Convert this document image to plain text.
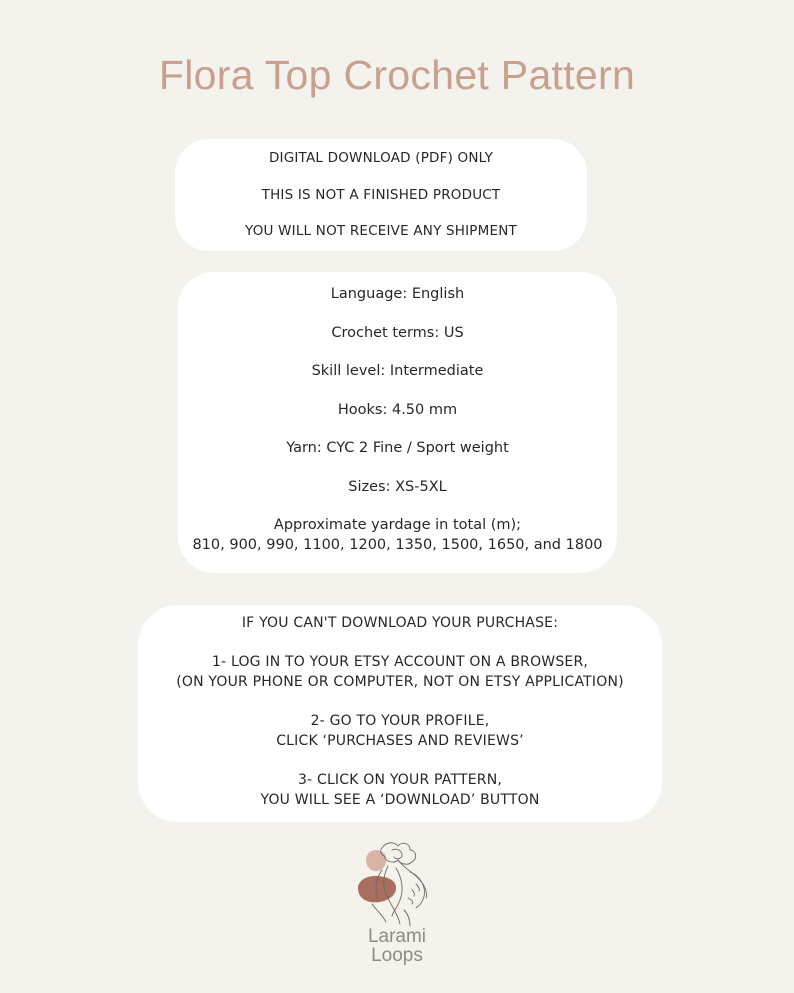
Flora Top Crochet Pattern

DIGITAL DOWNLOAD (PDF) ONLY

THIS IS NOT A FINISHED PRODUCT

YOU WILL NOT RECEIVE ANY SHIPMENT

Language: English

Crochet terms: US

Skill level: Intermediate

Hooks: 4.50 mm

Yarn: CYC 2 Fine / Sport weight

Sizes: XS-5XL

Approximate yardage in total (m);
810, 900, 990, 1100, 1200, 1350, 1500, 1650, and 1800

IF YOU CAN'T DOWNLOAD YOUR PURCHASE:

1- LOG IN TO YOUR ETSY ACCOUNT ON A BROWSER,
(ON YOUR PHONE OR COMPUTER, NOT ON ETSY APPLICATION)

2- GO TO YOUR PROFILE,
CLICK ‘PURCHASES AND REVIEWS’

3- CLICK ON YOUR PATTERN,
YOU WILL SEE A ‘DOWNLOAD’ BUTTON

Larami
Loops
